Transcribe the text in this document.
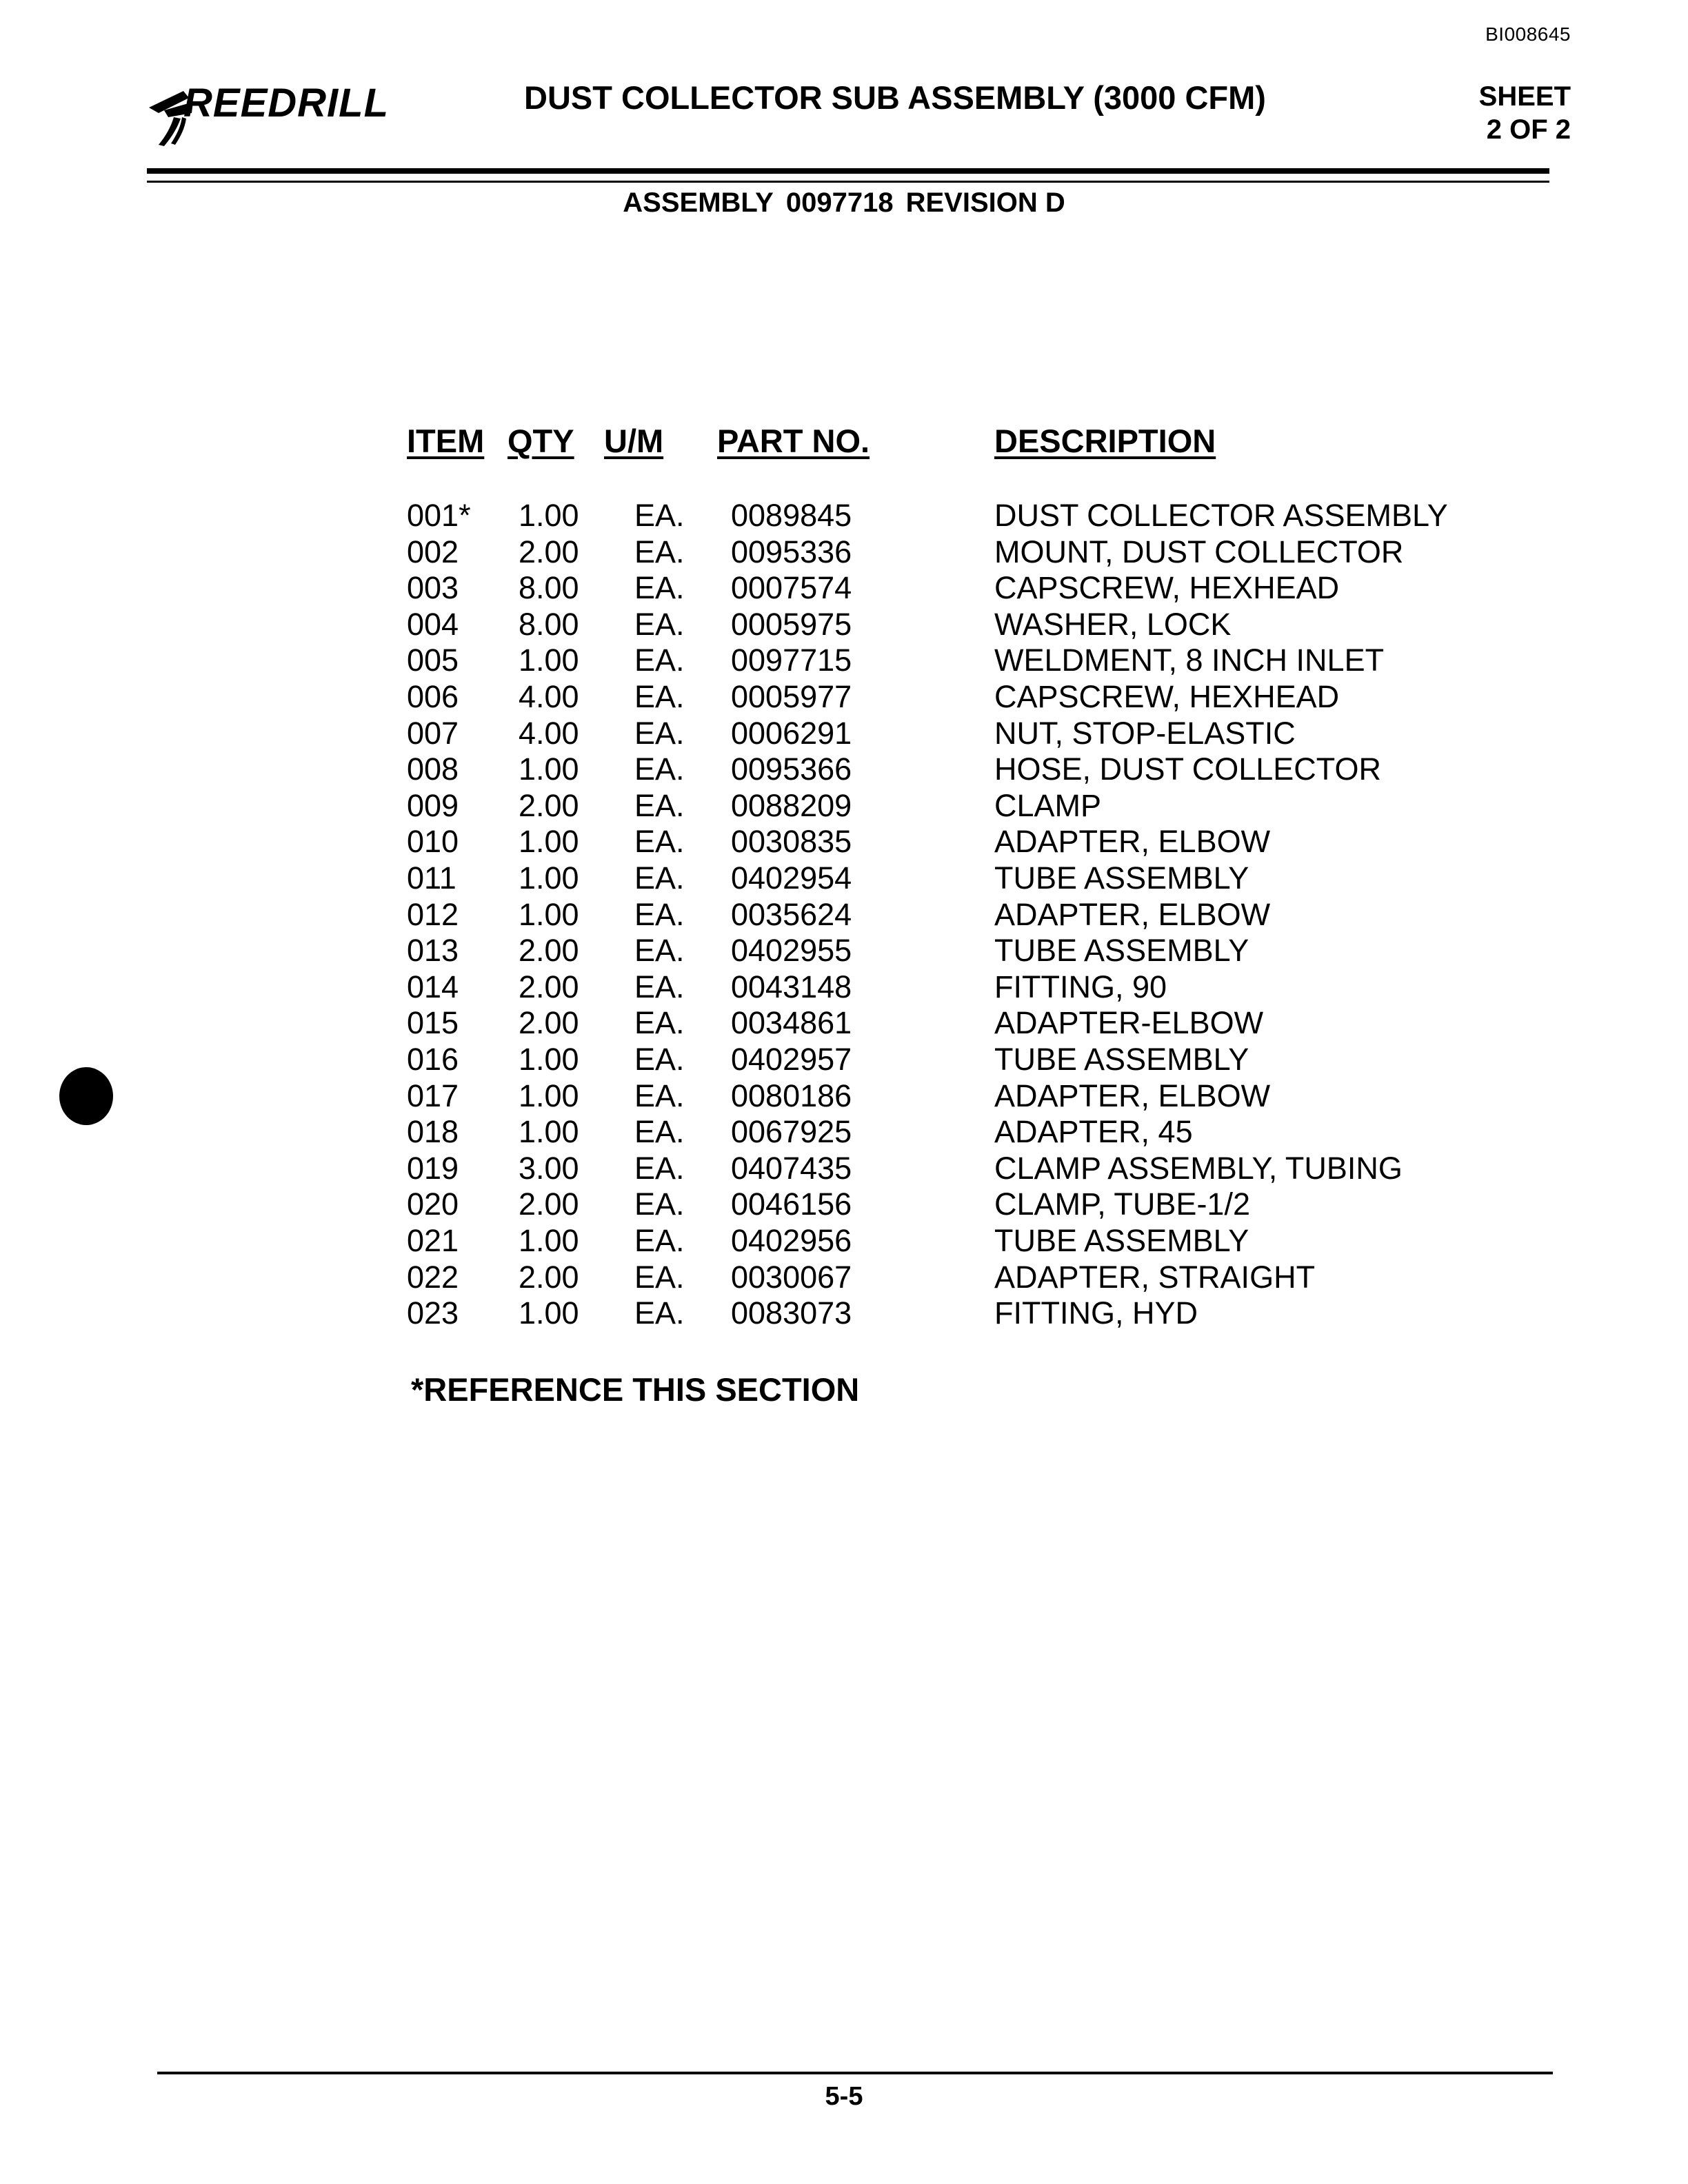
BI008645
REEDRILL	DUST COLLECTOR SUB ASSEMBLY (3000 CFM)	SHEET
2 OF 2
ASSEMBLY 0097718 REVISION D
ITEM QTY U/M PART NO.	DESCRIPTION
001* 1.00 EA. 0089845	DUST COLLECTOR ASSEMBLY
002 2.00 EA. 0095336	MOUNT, DUST COLLECTOR
003 8.00 EA. 0007574	CAPSCREW, HEXHEAD
004 8.00 EA. 0005975	WASHER, LOCK
005 1.00 EA. 0097715	WELDMENT, 8 INCH INLET
006 4.00 EA. 0005977	CAPSCREW, HEXHEAD
007 4.00 EA. 0006291	NUT, STOP-ELASTIC
008 1.00 EA. 0095366	HOSE, DUST COLLECTOR
009 2.00 EA. 0088209	CLAMP
010 1.00 EA. 0030835	ADAPTER, ELBOW
011 1.00 EA. 0402954	TUBE ASSEMBLY
012 1.00 EA. 0035624	ADAPTER, ELBOW
013 2.00 EA. 0402955	TUBE ASSEMBLY
014 2.00 EA. 0043148	FITTING, 90
015 2.00 EA. 0034861	ADAPTER-ELBOW
016 1.00 EA. 0402957	TUBE ASSEMBLY
017 1.00 EA. 0080186	ADAPTER, ELBOW
018 1.00 EA. 0067925	ADAPTER, 45
019 3.00 EA. 0407435	CLAMP ASSEMBLY, TUBING
020 2.00 EA. 0046156	CLAMP, TUBE-1/2
021 1.00 EA. 0402956	TUBE ASSEMBLY
022 2.00 EA. 0030067	ADAPTER, STRAIGHT
023 1.00 EA. 0083073	FITTING, HYD
*REFERENCE THIS SECTION
5-5
